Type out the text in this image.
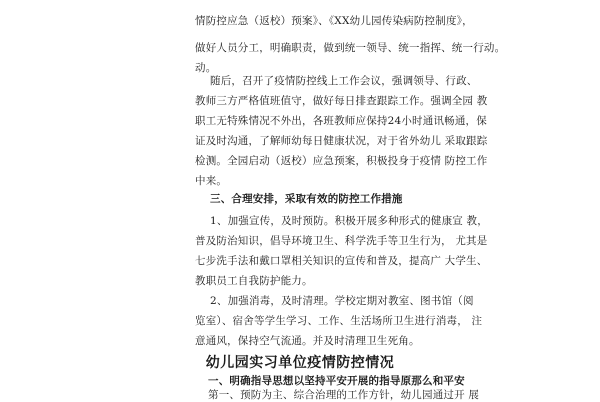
情防控应急（返校）预案》、《XX幼儿园传染病防控制度》，
做好人员分工，明确职责，做到统一领导、统一指挥、统一行动。
动。
随后，召开了疫情防控线上工作会议，强调领导、行政、
教师三方严格值班值守，做好每日排查跟踪工作。强调全园 教
职工无特殊情况不外出，各班教师应保持24小时通讯畅通，保
证及时沟通，了解师幼每日健康状况，对于省外幼儿 采取跟踪
检测。全园启动（返校）应急预案，积极投身于疫情 防控工作
中来。
三、合理安排，采取有效的防控工作措施
1、加强宣传，及时预防。积极开展多种形式的健康宣 教，
普及防治知识，倡导环境卫生、科学洗手等卫生行为， 尤其是
七步洗手法和戴口罩相关知识的宣传和普及，提高广 大学生、
教职员工自我防护能力。
2、加强消毒，及时清理。学校定期对教室、图书馆（阅
览室）、宿舍等学生学习、工作、生活场所卫生进行消毒， 注
意通风，保持空气流通。并及时清理卫生死角。
幼儿园实习单位疫情防控情况
一、明确指导思想以坚持平安开展的指导原那么和平安
第一、预防为主、综合治理的工作方针，幼儿园通过开 展
